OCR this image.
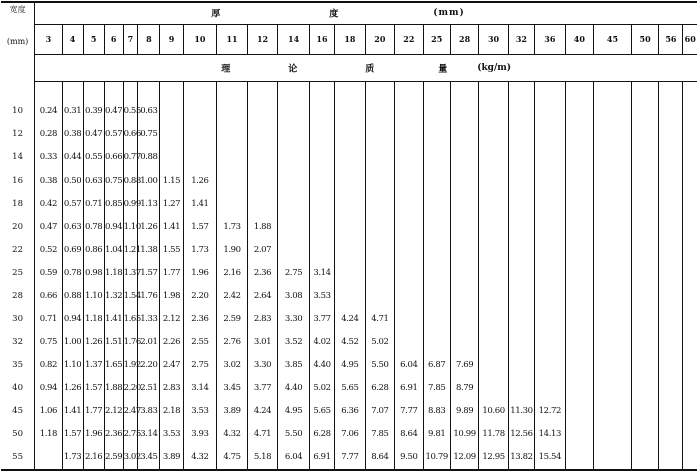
宽度
(mm)	厚 度 (mm)																								

	3	4	5	6	7	8	9	10	11	12	14	16	18	20	22	25	28	30	32	36	40	45	50	56	60

	理 论 质 量 (kg/m)																								

10	0.24	0.31	0.39	0.47	0.55	0.63																			
12	0.28	0.38	0.47	0.57	0.66	0.75																			
14	0.33	0.44	0.55	0.66	0.77	0.88																			
16	0.38	0.50	0.63	0.75	0.88	1.00	1.15	1.26																	
18	0.42	0.57	0.71	0.85	0.99	1.13	1.27	1.41																	
20	0.47	0.63	0.78	0.94	1.10	1.26	1.41	1.57	1.73	1.88															
22	0.52	0.69	0.86	1.04	1.21	1.38	1.55	1.73	1.90	2.07															
25	0.59	0.78	0.98	1.18	1.37	1.57	1.77	1.96	2.16	2.36	2.75	3.14													
28	0.66	0.88	1.10	1.32	1.54	1.76	1.98	2.20	2.42	2.64	3.08	3.53													
30	0.71	0.94	1.18	1.41	1.65	1.33	2.12	2.36	2.59	2.83	3.30	3.77	4.24	4.71											
32	0.75	1.00	1.26	1.51	1.76	2.01	2.26	2.55	2.76	3.01	3.52	4.02	4.52	5.02											
35	0.82	1.10	1.37	1.65	1.92	2.20	2.47	2.75	3.02	3.30	3.85	4.40	4.95	5.50	6.04	6.87	7.69								
40	0.94	1.26	1.57	1.88	2.20	2.51	2.83	3.14	3.45	3.77	4.40	5.02	5.65	6.28	6.91	7.85	8.79								
45	1.06	1.41	1.77	2.12	2.47	3.83	2.18	3.53	3.89	4.24	4.95	5.65	6.36	7.07	7.77	8.83	9.89	10.60	11.30	12.72					
50	1.18	1.57	1.96	2.36	2.75	3.14	3.53	3.93	4.32	4.71	5.50	6.28	7.06	7.85	8.64	9.81	10.99	11.78	12.56	14.13					
55		1.73	2.16	2.59	3.02	3.45	3.89	4.32	4.75	5.18	6.04	6.91	7.77	8.64	9.50	10.79	12.09	12.95	13.82	15.54					
